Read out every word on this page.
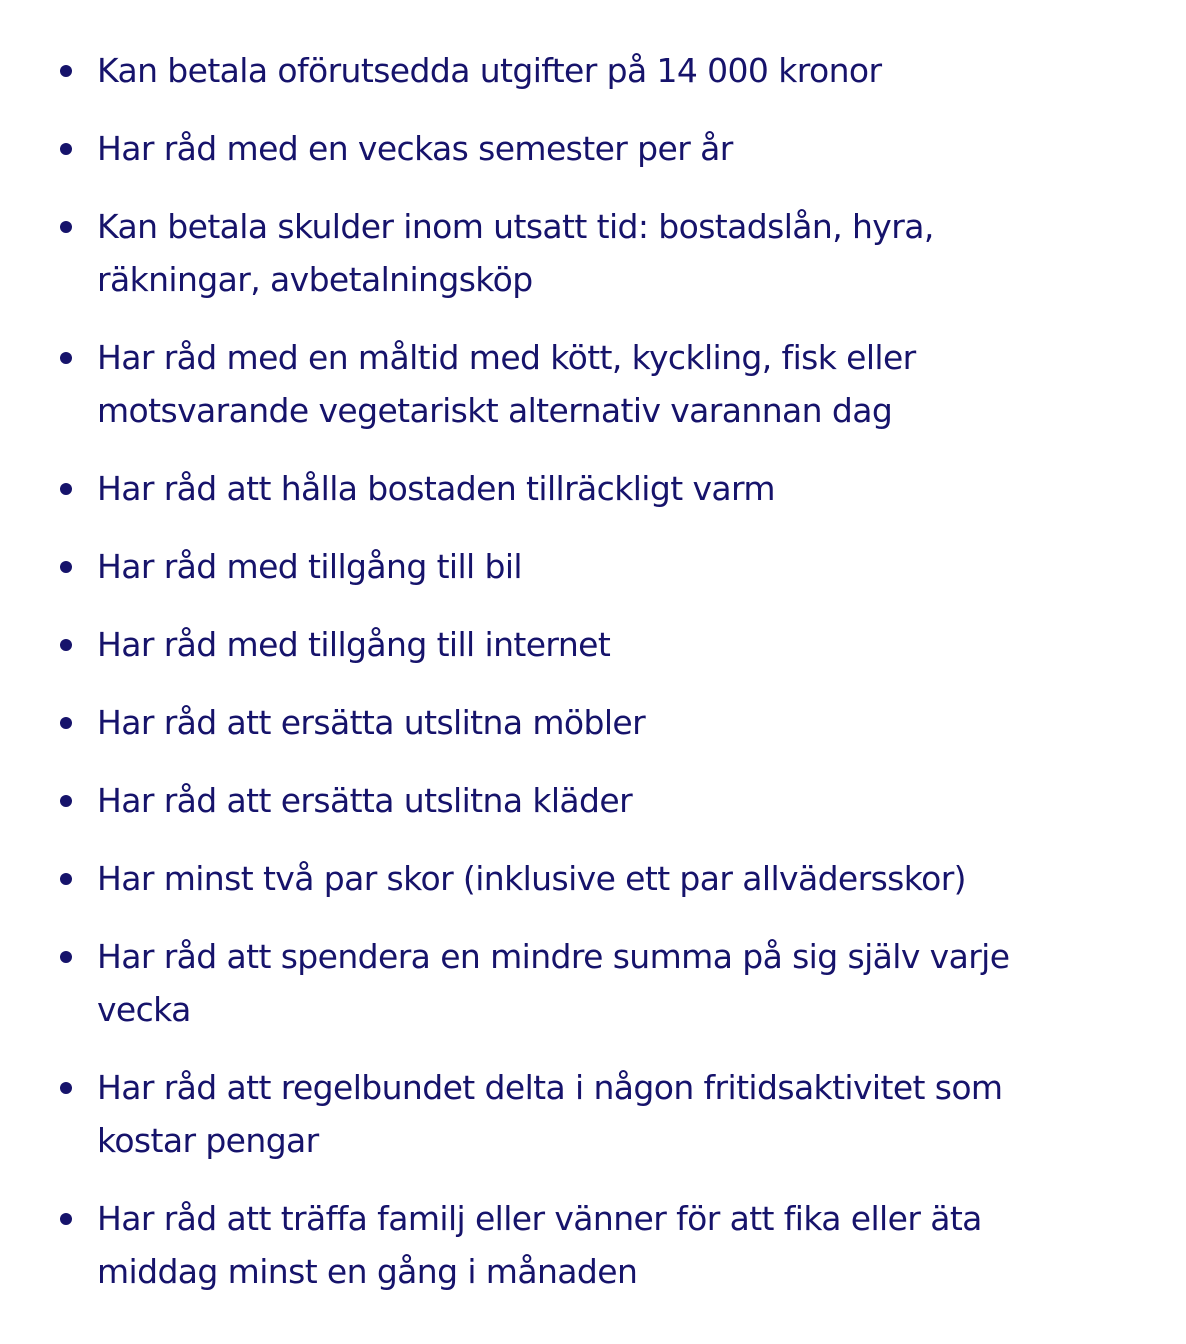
Kan betala oförutsedda utgifter på 14 000 kronor
Har råd med en veckas semester per år
Kan betala skulder inom utsatt tid: bostadslån, hyra, räkningar, avbetalningsköp
Har råd med en måltid med kött, kyckling, fisk eller motsvarande vegetariskt alternativ varannan dag
Har råd att hålla bostaden tillräckligt varm
Har råd med tillgång till bil
Har råd med tillgång till internet
Har råd att ersätta utslitna möbler
Har råd att ersätta utslitna kläder
Har minst två par skor (inklusive ett par allvädersskor)
Har råd att spendera en mindre summa på sig själv varje vecka
Har råd att regelbundet delta i någon fritidsaktivitet som kostar pengar
Har råd att träffa familj eller vänner för att fika eller äta middag minst en gång i månaden
